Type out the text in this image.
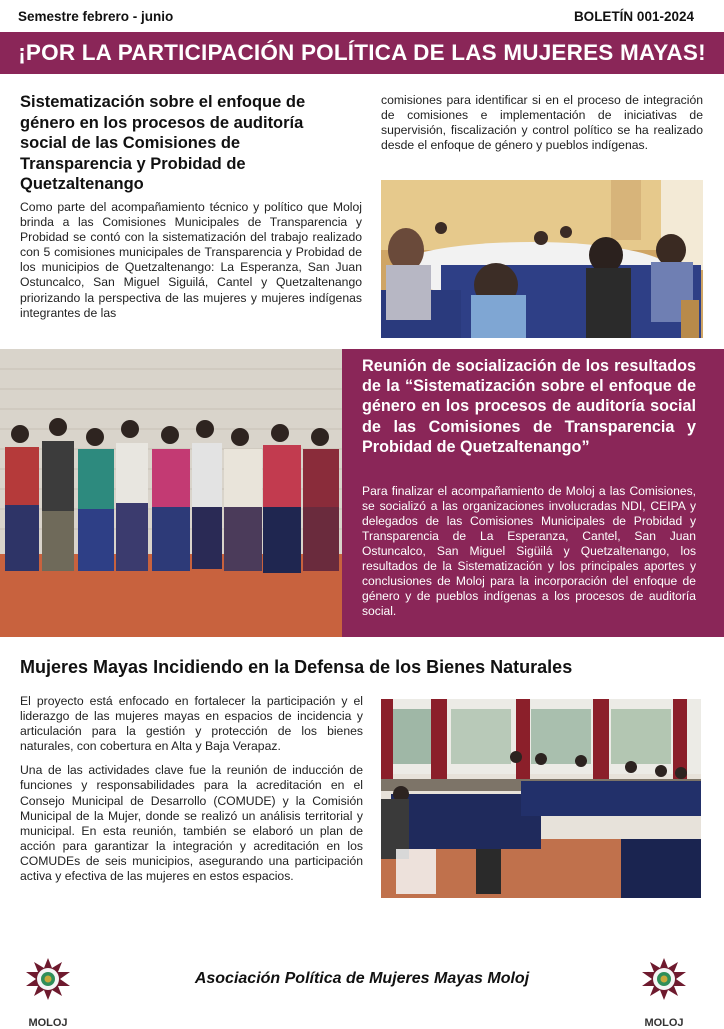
Semestre febrero - junio	BOLETÍN 001-2024
¡POR LA PARTICIPACIÓN POLÍTICA DE LAS MUJERES MAYAS!
Sistematización sobre el enfoque de género en los procesos de auditoría social de las Comisiones de Transparencia y Probidad de Quetzaltenango
Como parte del acompañamiento técnico y político que Moloj brinda a las Comisiones Municipales de Transparencia y Probidad se contó con la sistematización del trabajo realizado con 5 comisiones municipales de Transparencia y Probidad de los municipios de Quetzaltenango: La Esperanza, San Juan Ostuncalco, San Miguel Siguilá, Cantel y Quetzaltenango priorizando la perspectiva de las mujeres y mujeres indígenas integrantes de las
comisiones para identificar si en el proceso de integración de comisiones e implementación de iniciativas de supervisión, fiscalización y control político se ha realizado desde el enfoque de género y pueblos indígenas.
Reunión de socialización de los resultados de la “Sistematización sobre el enfoque de género en los procesos de auditoría social de las Comisiones de Transparencia y Probidad de Quetzaltenango”
Para finalizar el acompañamiento de Moloj a las Comisiones, se socializó a las organizaciones involucradas NDI, CEIPA y delegados de las Comisiones Municipales de Probidad y Transparencia de La Esperanza, Cantel, San Juan Ostuncalco, San Miguel Sigüilá y Quetzaltenango, los resultados de la Sistematización y los principales aportes y conclusiones de Moloj para la incorporación del enfoque de género y de pueblos indígenas a los procesos de auditoría social.
Mujeres Mayas Incidiendo en la Defensa de los Bienes Naturales

El proyecto está enfocado en fortalecer la participación y el liderazgo de las mujeres mayas en espacios de incidencia y articulación para la gestión y protección de los bienes naturales, con cobertura en Alta y Baja Verapaz.

Una de las actividades clave fue la reunión de inducción de funciones y responsabilidades para la acreditación en el Consejo Municipal de Desarrollo (COMUDE) y la Comisión Municipal de la Mujer, donde se realizó un análisis territorial y municipal. En esta reunión, también se elaboró un plan de acción para garantizar la integración y acreditación en los COMUDEs de seis municipios, asegurando una participación activa y efectiva de las mujeres en estos espacios.

MOLOJ
Asociación Política de Mujeres Mayas Moloj
MOLOJ
